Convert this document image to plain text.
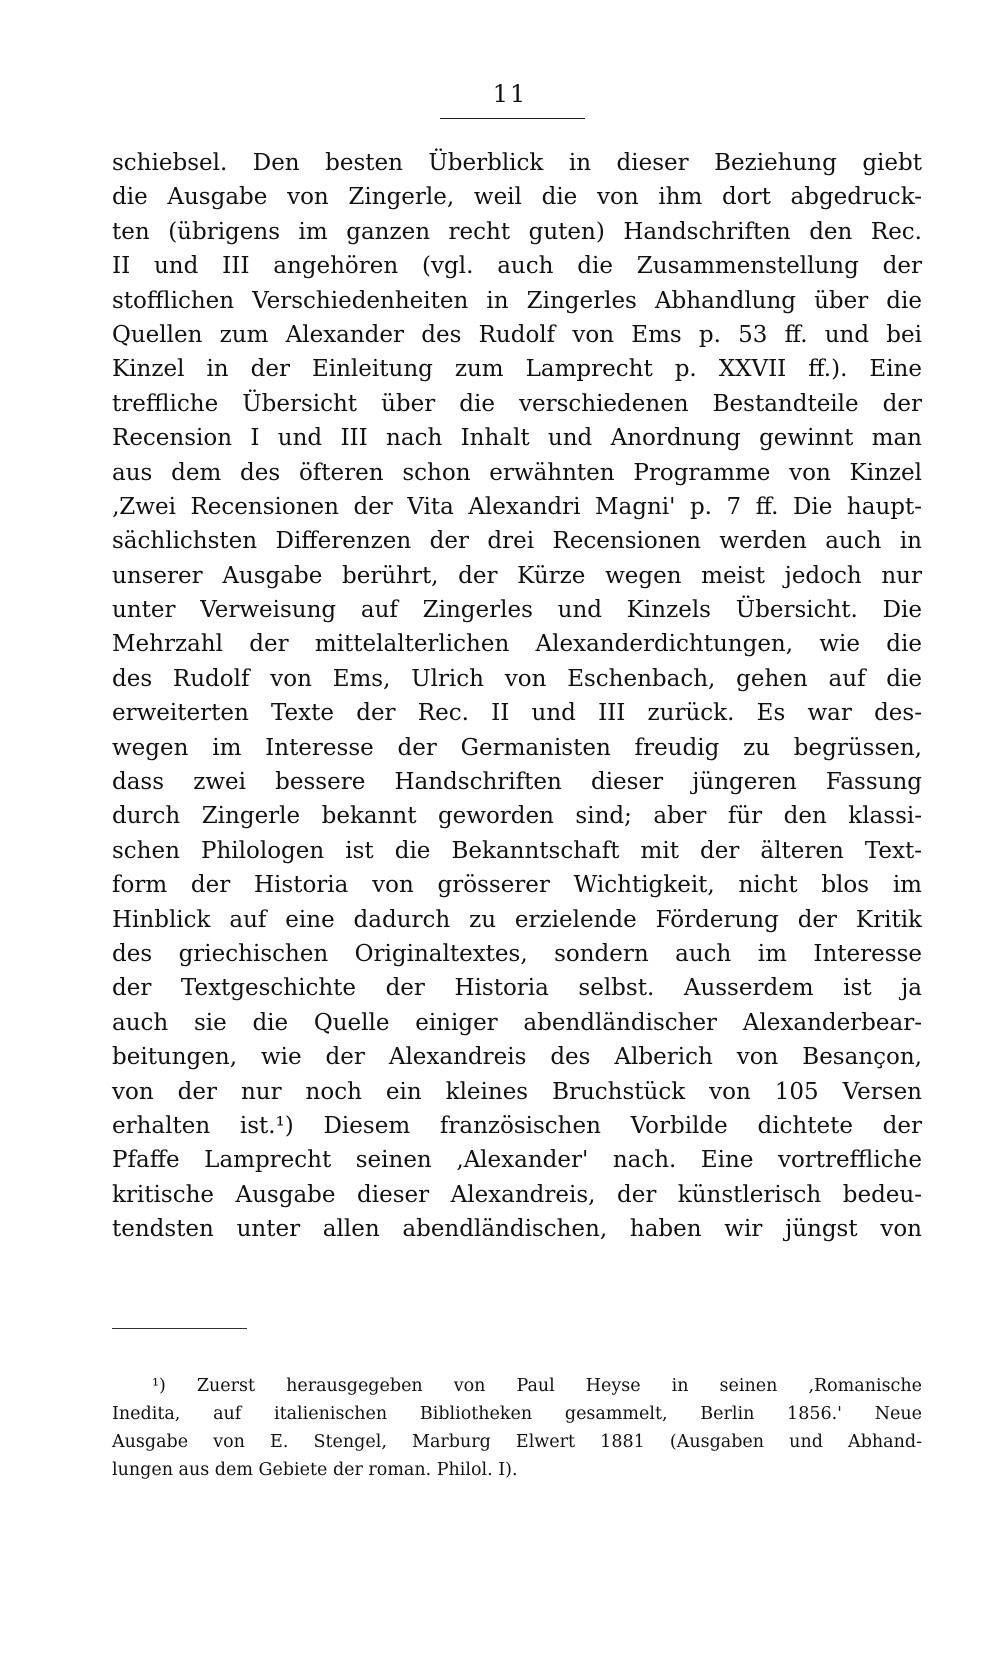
11
schiebsel. Den besten Überblick in dieser Beziehung giebt
die Ausgabe von Zingerle, weil die von ihm dort abgedruck-
ten (übrigens im ganzen recht guten) Handschriften den Rec.
II und III angehören (vgl. auch die Zusammenstellung der
stofflichen Verschiedenheiten in Zingerles Abhandlung über die
Quellen zum Alexander des Rudolf von Ems p. 53 ff. und bei
Kinzel in der Einleitung zum Lamprecht p. XXVII ff.). Eine
treffliche Übersicht über die verschiedenen Bestandteile der
Recension I und III nach Inhalt und Anordnung gewinnt man
aus dem des öfteren schon erwähnten Programme von Kinzel
‚Zwei Recensionen der Vita Alexandri Magni' p. 7 ff. Die haupt-
sächlichsten Differenzen der drei Recensionen werden auch in
unserer Ausgabe berührt, der Kürze wegen meist jedoch nur
unter Verweisung auf Zingerles und Kinzels Übersicht. Die
Mehrzahl der mittelalterlichen Alexanderdichtungen, wie die
des Rudolf von Ems, Ulrich von Eschenbach, gehen auf die
erweiterten Texte der Rec. II und III zurück. Es war des-
wegen im Interesse der Germanisten freudig zu begrüssen,
dass zwei bessere Handschriften dieser jüngeren Fassung
durch Zingerle bekannt geworden sind; aber für den klassi-
schen Philologen ist die Bekanntschaft mit der älteren Text-
form der Historia von grösserer Wichtigkeit, nicht blos im
Hinblick auf eine dadurch zu erzielende Förderung der Kritik
des griechischen Originaltextes, sondern auch im Interesse
der Textgeschichte der Historia selbst. Ausserdem ist ja
auch sie die Quelle einiger abendländischer Alexanderbear-
beitungen, wie der Alexandreis des Alberich von Besançon,
von der nur noch ein kleines Bruchstück von 105 Versen
erhalten ist.¹) Diesem französischen Vorbilde dichtete der
Pfaffe Lamprecht seinen ‚Alexander' nach. Eine vortreffliche
kritische Ausgabe dieser Alexandreis, der künstlerisch bedeu-
tendsten unter allen abendländischen, haben wir jüngst von
¹) Zuerst herausgegeben von Paul Heyse in seinen ‚Romanische
Inedita, auf italienischen Bibliotheken gesammelt, Berlin 1856.' Neue
Ausgabe von E. Stengel, Marburg Elwert 1881 (Ausgaben und Abhand-
lungen aus dem Gebiete der roman. Philol. I).
